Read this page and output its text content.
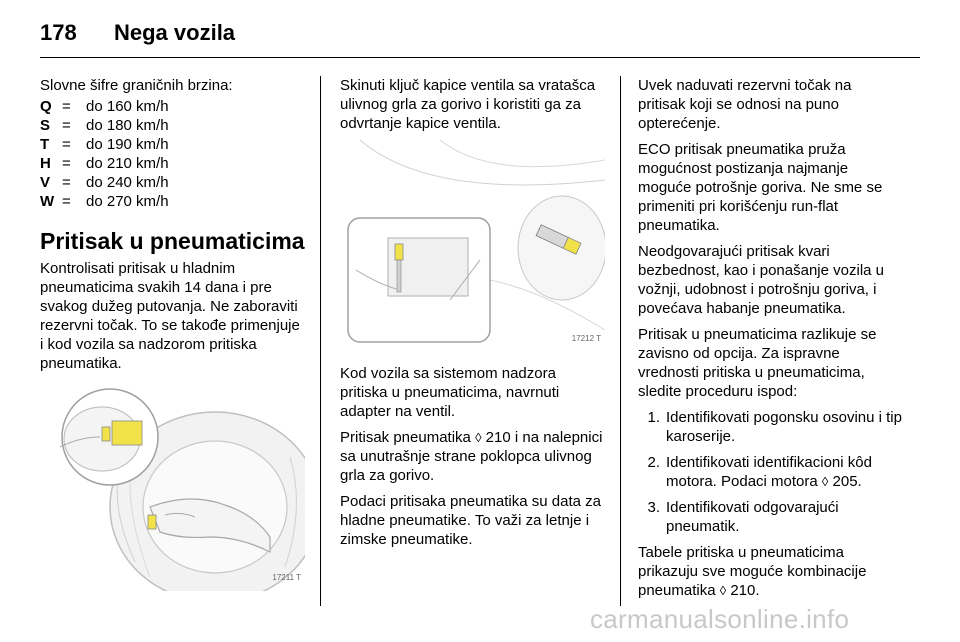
178 Nega vozila

Slovne šifre graničnih brzina:

Q	=	do 160 km/h
S	=	do 180 km/h
T	=	do 190 km/h
H	=	do 210 km/h
V	=	do 240 km/h
W	=	do 270 km/h
Pritisak u pneumaticima

Kontrolisati pritisak u hladnim pneumaticima svakih 14 dana i pre svakog dužeg putovanja. Ne zaboraviti rezervni točak. To se takođe primenjuje i kod vozila sa nadzorom pritiska pneumatika.

17211 T

Skinuti ključ kapice ventila sa vratašca ulivnog grla za gorivo i koristiti ga za odvrtanje kapice ventila.

17212 T

Kod vozila sa sistemom nadzora pritiska u pneumaticima, navrnuti adapter na ventil.

Pritisak pneumatika ◊ 210 i na nalepnici sa unutrašnje strane poklopca ulivnog grla za gorivo.

Podaci pritisaka pneumatika su data za hladne pneumatike. To važi za letnje i zimske pneumatike.

Uvek naduvati rezervni točak na pritisak koji se odnosi na puno opterećenje.

ECO pritisak pneumatika pruža mogućnost postizanja najmanje moguće potrošnje goriva. Ne sme se primeniti pri korišćenju run-flat pneumatika.

Neodgovarajući pritisak kvari bezbednost, kao i ponašanje vozila u vožnji, udobnost i potrošnju goriva, i povećava habanje pneumatika.

Pritisak u pneumaticima razlikuje se zavisno od opcija. Za ispravne vrednosti pritiska u pneumaticima, sledite proceduru ispod:

1. Identifikovati pogonsku osovinu i tip karoserije.
2. Identifikovati identifikacioni kôd motora. Podaci motora ◊ 205.
3. Identifikovati odgovarajući pneumatik.

Tabele pritiska u pneumaticima prikazuju sve moguće kombinacije pneumatika ◊ 210.

carmanualsonline.info
